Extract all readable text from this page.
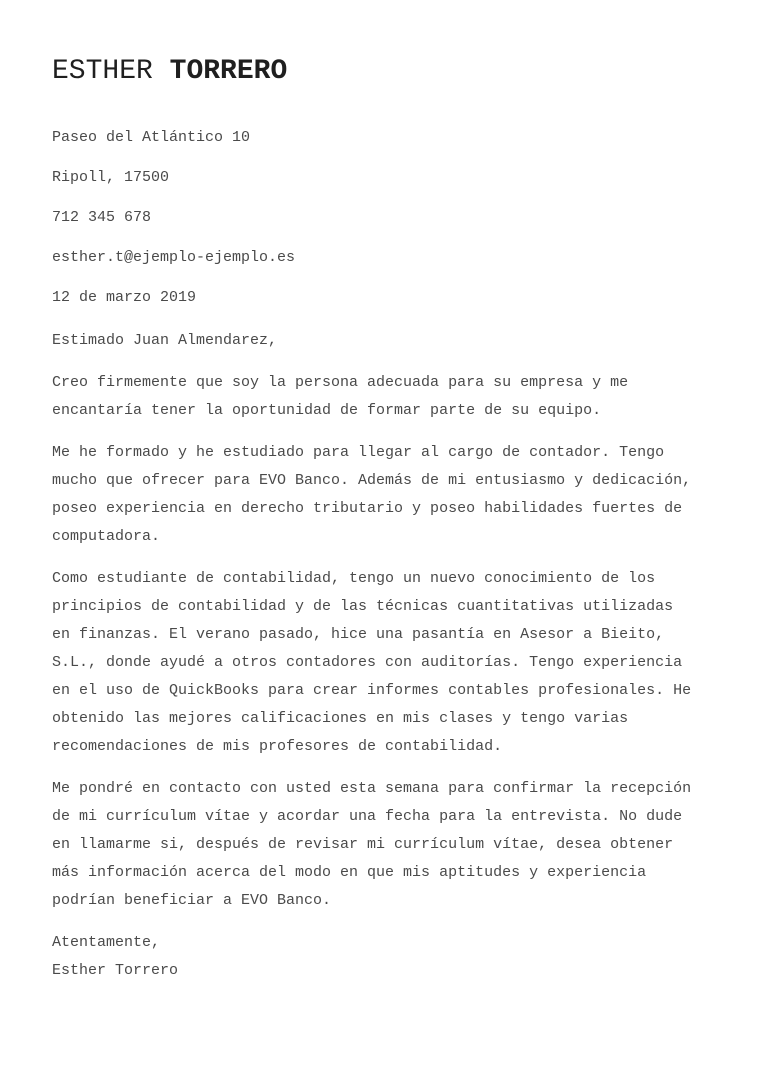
ESTHER TORRERO

Paseo del Atlántico 10

Ripoll, 17500

712 345 678

esther.t@ejemplo-ejemplo.es

12 de marzo 2019

Estimado Juan Almendarez,

Creo firmemente que soy la persona adecuada para su empresa y me encantaría tener la oportunidad de formar parte de su equipo.

Me he formado y he estudiado para llegar al cargo de contador. Tengo mucho que ofrecer para EVO Banco. Además de mi entusiasmo y dedicación, poseo experiencia en derecho tributario y poseo habilidades fuertes de computadora.

Como estudiante de contabilidad, tengo un nuevo conocimiento de los principios de contabilidad y de las técnicas cuantitativas utilizadas en finanzas. El verano pasado, hice una pasantía en Asesor a Bieito, S.L., donde ayudé a otros contadores con auditorías. Tengo experiencia en el uso de QuickBooks para crear informes contables profesionales. He obtenido las mejores calificaciones en mis clases y tengo varias recomendaciones de mis profesores de contabilidad.

Me pondré en contacto con usted esta semana para confirmar la recepción de mi currículum vítae y acordar una fecha para la entrevista. No dude en llamarme si, después de revisar mi currículum vítae, desea obtener más información acerca del modo en que mis aptitudes y experiencia podrían beneficiar a EVO Banco.

Atentamente,

Esther Torrero
